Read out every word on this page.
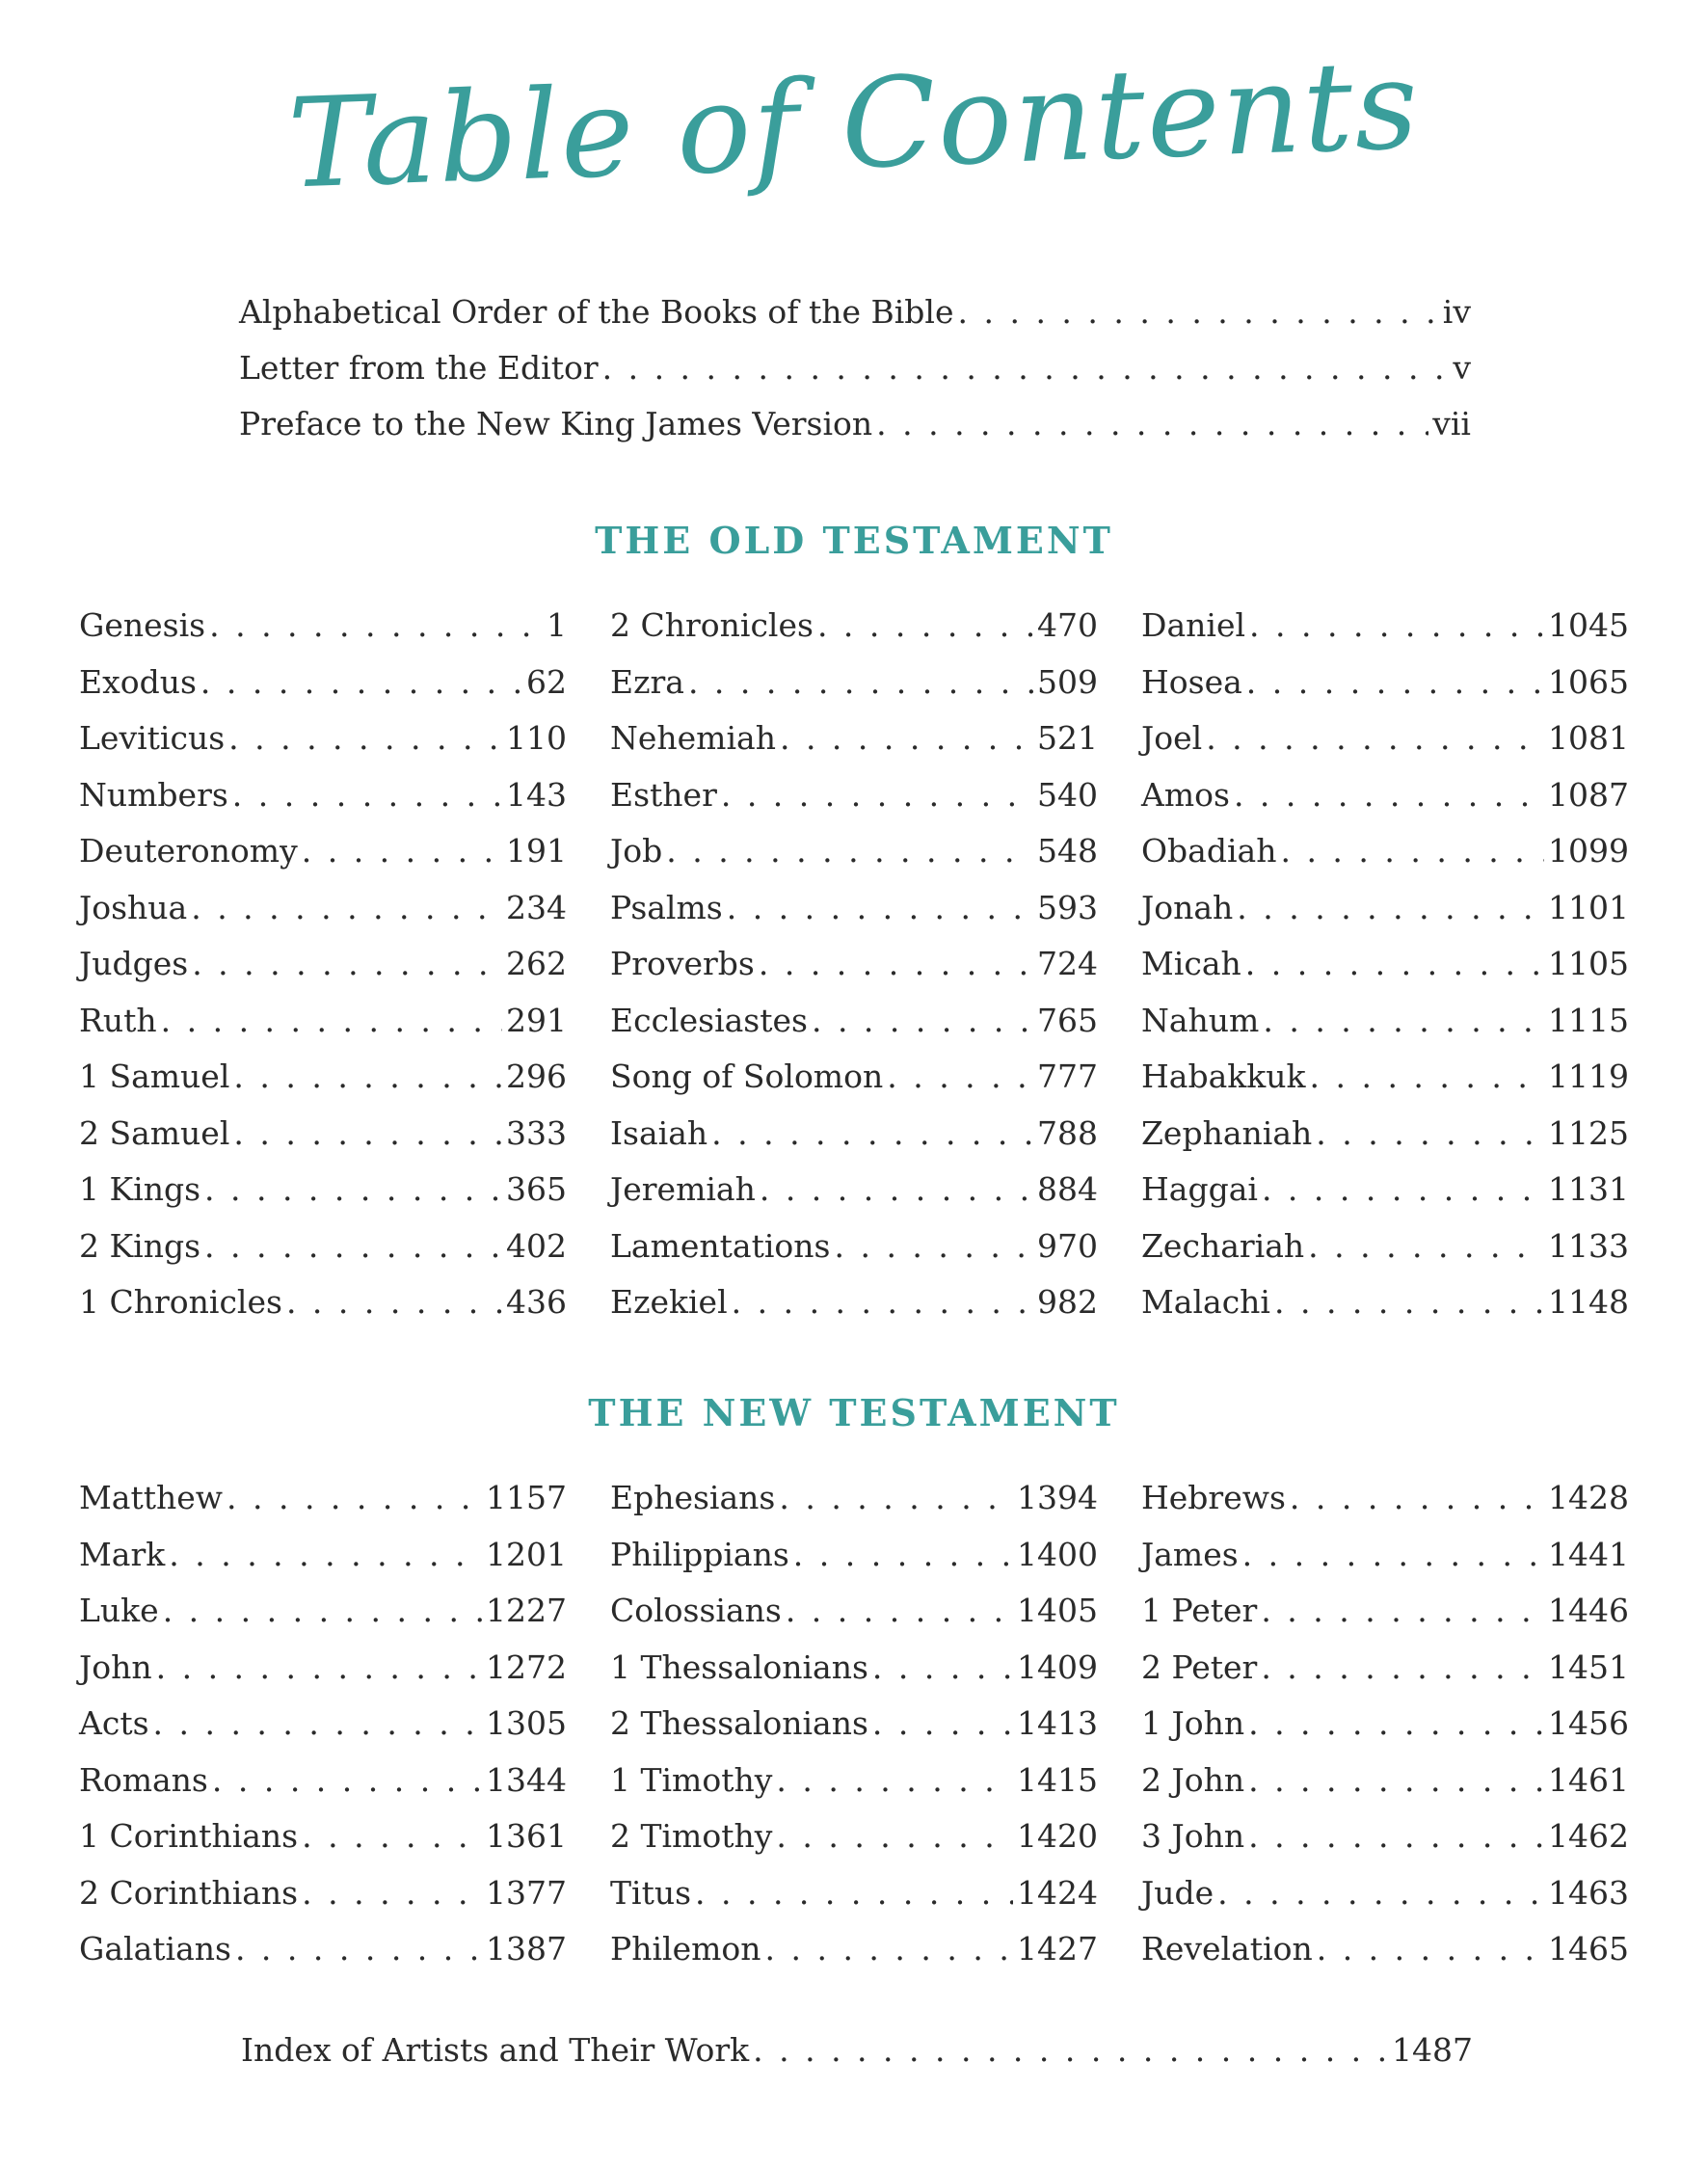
Table of Contents
Alphabetical Order of the Books of the Bible . . .	iv
Letter from the Editor . . .	v
Preface to the New King James Version . . .	vii
THE OLD TESTAMENT
Genesis . . .	1
Exodus . . .	62
Leviticus . . .	110
Numbers . . .	143
Deuteronomy . . .	191
Joshua . . .	234
Judges . . .	262
Ruth . . .	291
1 Samuel . . .	296
2 Samuel . . .	333
1 Kings . . .	365
2 Kings . . .	402
1 Chronicles . . .	436
2 Chronicles . . .	470
Ezra . . .	509
Nehemiah . . .	521
Esther . . .	540
Job . . .	548
Psalms . . .	593
Proverbs . . .	724
Ecclesiastes . . .	765
Song of Solomon . . .	777
Isaiah . . .	788
Jeremiah . . .	884
Lamentations . . .	970
Ezekiel . . .	982
Daniel . . .	1045
Hosea . . .	1065
Joel . . .	1081
Amos . . .	1087
Obadiah . . .	1099
Jonah . . .	1101
Micah . . .	1105
Nahum . . .	1115
Habakkuk . . .	1119
Zephaniah . . .	1125
Haggai . . .	1131
Zechariah . . .	1133
Malachi . . .	1148
THE NEW TESTAMENT
Matthew . . .	1157
Mark . . .	1201
Luke . . .	1227
John . . .	1272
Acts . . .	1305
Romans . . .	1344
1 Corinthians . . .	1361
2 Corinthians . . .	1377
Galatians . . .	1387
Ephesians . . .	1394
Philippians . . .	1400
Colossians . . .	1405
1 Thessalonians . . .	1409
2 Thessalonians . . .	1413
1 Timothy . . .	1415
2 Timothy . . .	1420
Titus . . .	1424
Philemon . . .	1427
Hebrews . . .	1428
James . . .	1441
1 Peter . . .	1446
2 Peter . . .	1451
1 John . . .	1456
2 John . . .	1461
3 John . . .	1462
Jude . . .	1463
Revelation . . .	1465
Index of Artists and Their Work . . .	1487
